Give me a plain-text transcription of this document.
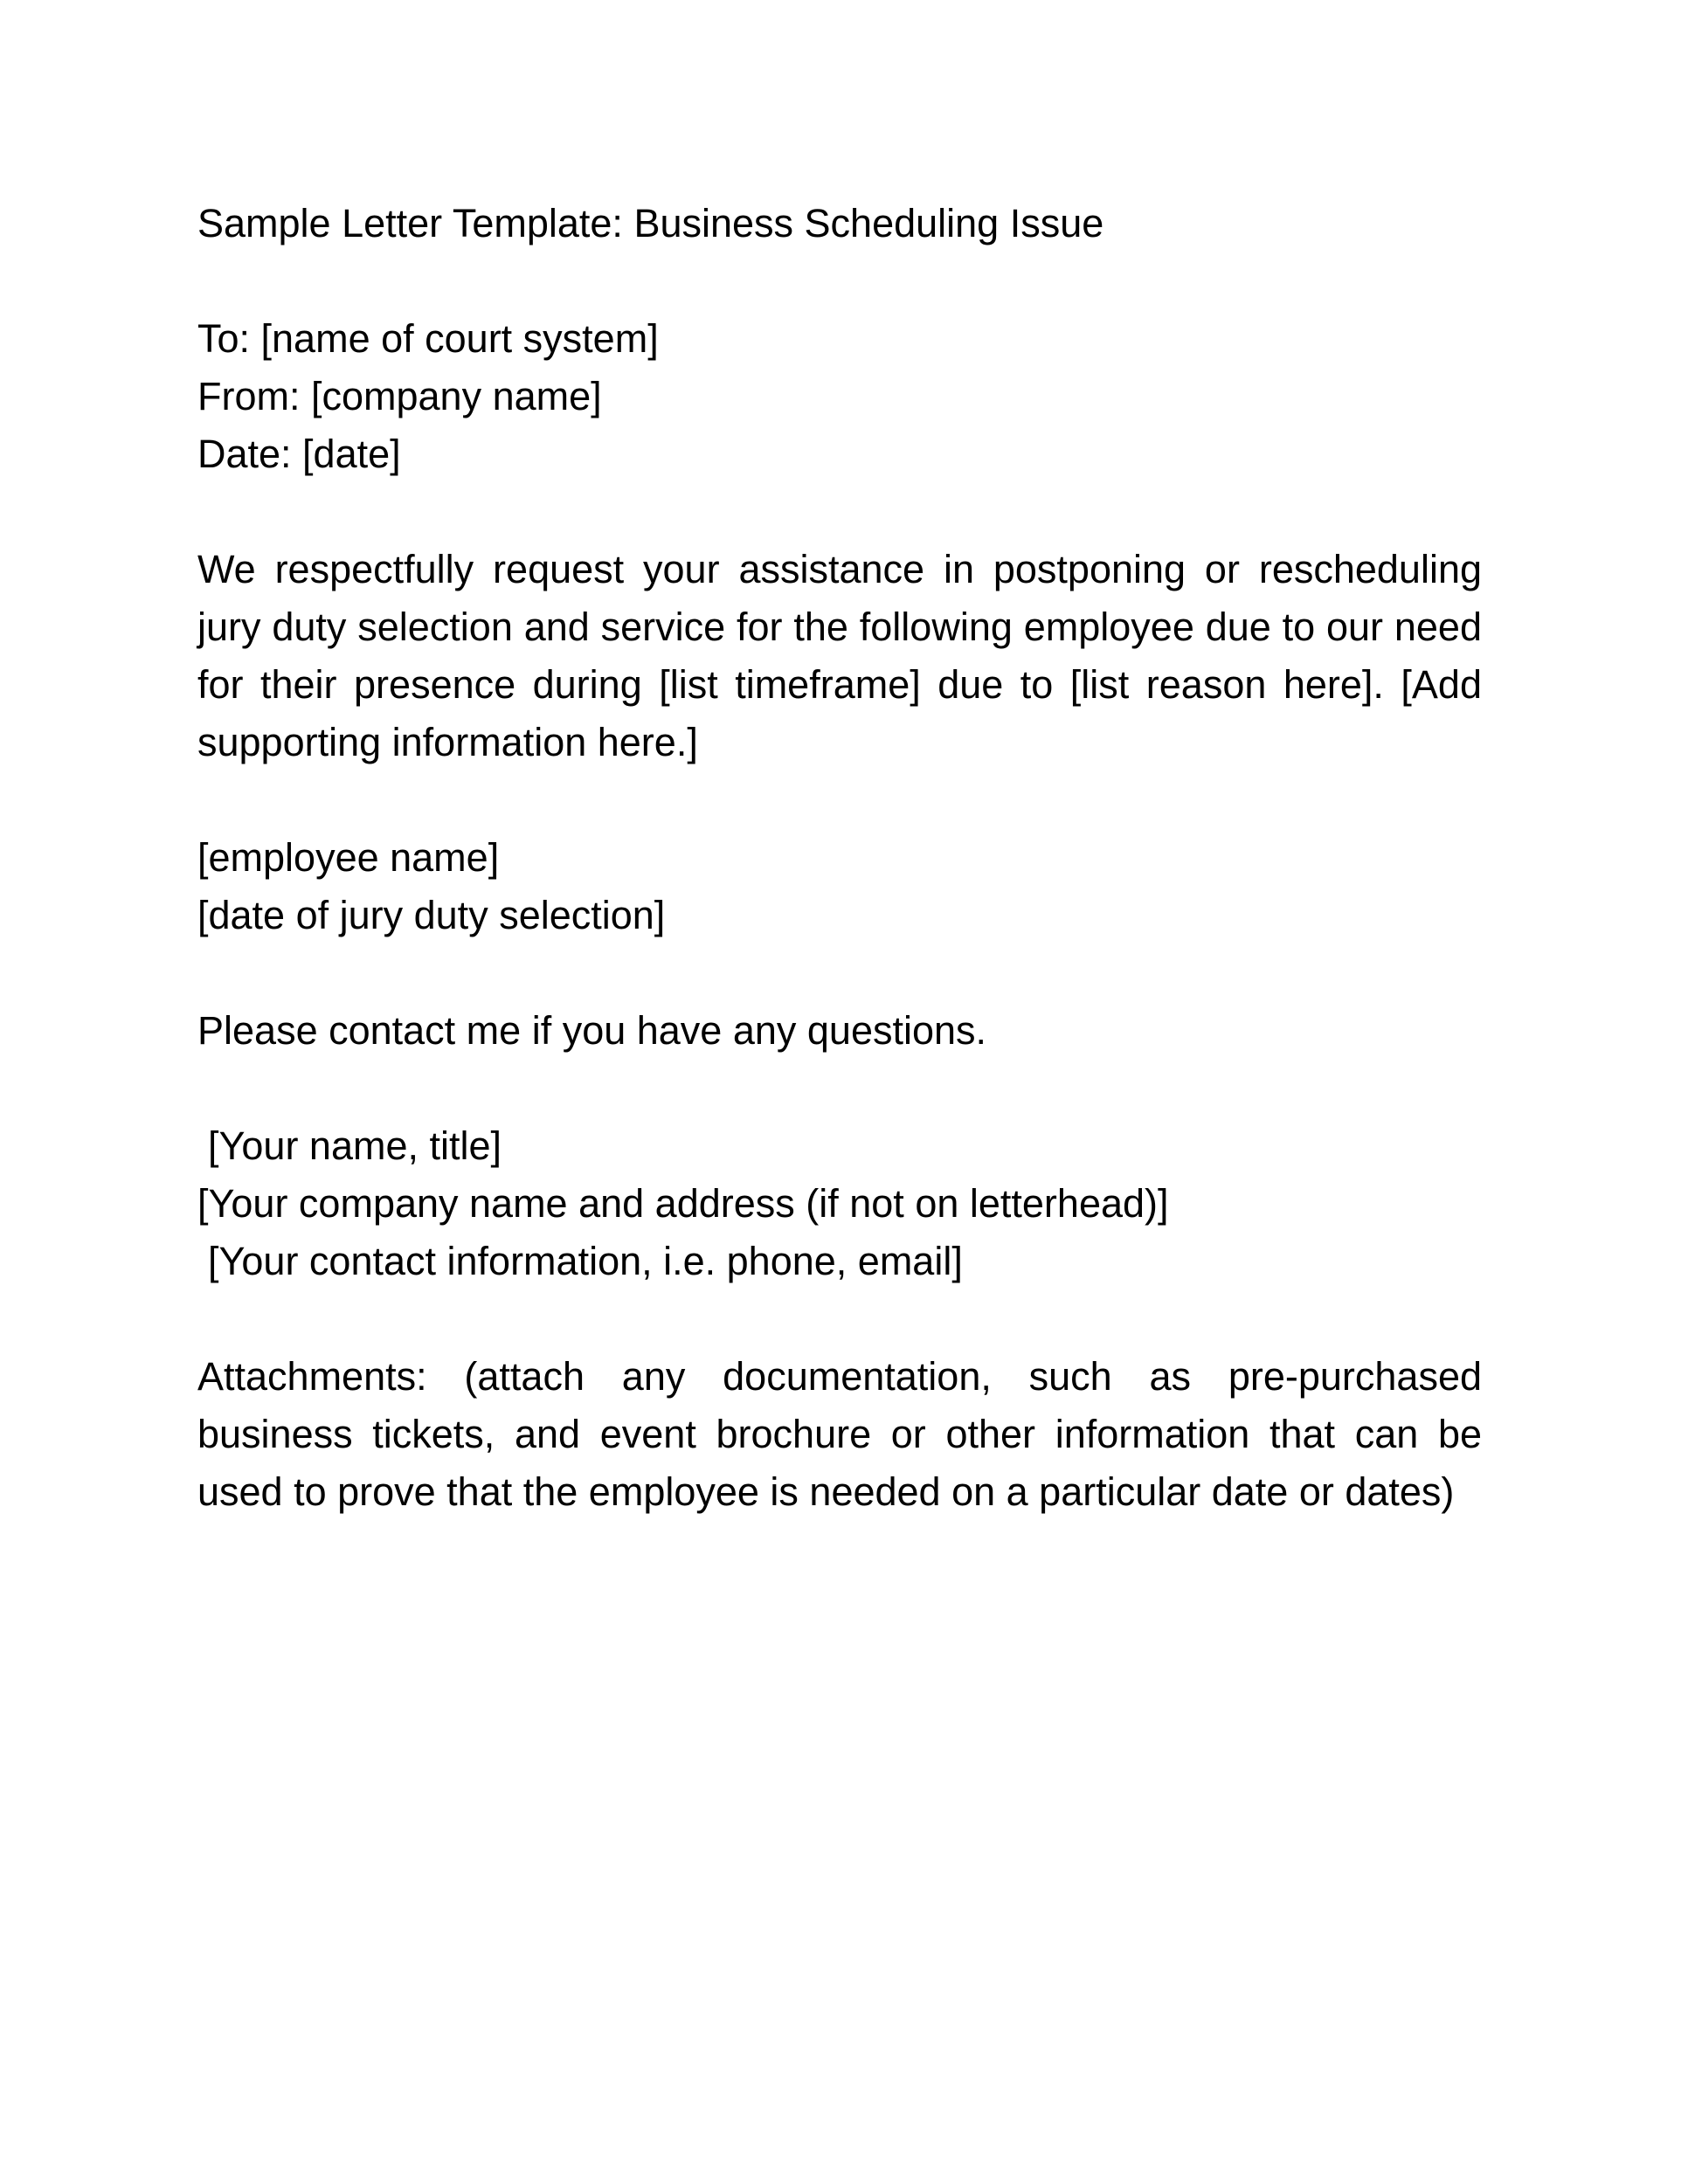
Sample Letter Template: Business Scheduling Issue
To: [name of court system]
From: [company name]
Date: [date]
We respectfully request your assistance in postponing or rescheduling jury duty selection and service for the following employee due to our need for their presence during [list timeframe] due to [list reason here]. [Add supporting information here.]
[employee name]
[date of jury duty selection]
Please contact me if you have any questions.
[Your name, title]
[Your company name and address (if not on letterhead)]
[Your contact information, i.e. phone, email]
Attachments: (attach any documentation, such as pre-purchased business tickets, and event brochure or other information that can be used to prove that the employee is needed on a particular date or dates)
